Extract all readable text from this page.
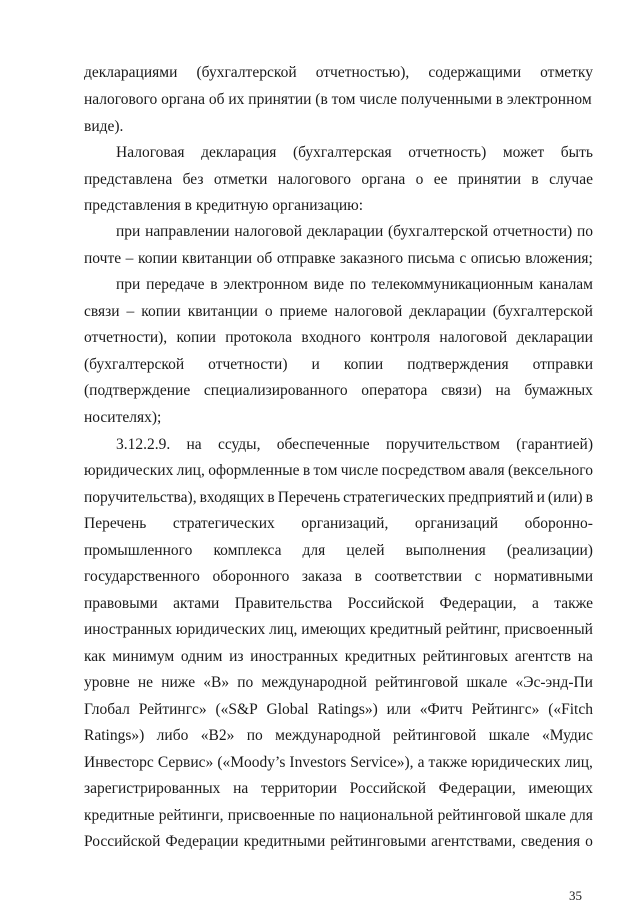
декларациями (бухгалтерской отчетностью), содержащими отметку
налогового органа об их принятии (в том числе полученными в электронном
виде).
Налоговая декларация (бухгалтерская отчетность) может быть
представлена без отметки налогового органа о ее принятии в случае
представления в кредитную организацию:
при направлении налоговой декларации (бухгалтерской отчетности) по
почте – копии квитанции об отправке заказного письма с описью вложения;
при передаче в электронном виде по телекоммуникационным каналам
связи – копии квитанции о приеме налоговой декларации (бухгалтерской
отчетности), копии протокола входного контроля налоговой декларации
(бухгалтерской отчетности) и копии подтверждения отправки
(подтверждение специализированного оператора связи) на бумажных
носителях);
3.12.2.9. на ссуды, обеспеченные поручительством (гарантией)
юридических лиц, оформленные в том числе посредством авaля (вексельного
поручительства), входящих в Перечень стратегических предприятий и (или) в
Перечень стратегических организаций, организаций оборонно-
промышленного комплекса для целей выполнения (реализации)
государственного оборонного заказа в соответствии с нормативными
правовыми актами Правительства Российской Федерации, а также
иностранных юридических лиц, имеющих кредитный рейтинг, присвоенный
как минимум одним из иностранных кредитных рейтинговых агентств на
уровне не ниже «B» по международной рейтинговой шкале «Эс-энд-Пи
Глобал Рейтингс» («S&P Global Ratings») или «Фитч Рейтингс» («Fitch
Ratings») либо «B2» по международной рейтинговой шкале «Мудис
Инвесторс Сервис» («Moody’s Investors Service»), а также юридических лиц,
зарегистрированных на территории Российской Федерации, имеющих
кредитные рейтинги, присвоенные по национальной рейтинговой шкале для
Российской Федерации кредитными рейтинговыми агентствами, сведения о
35
